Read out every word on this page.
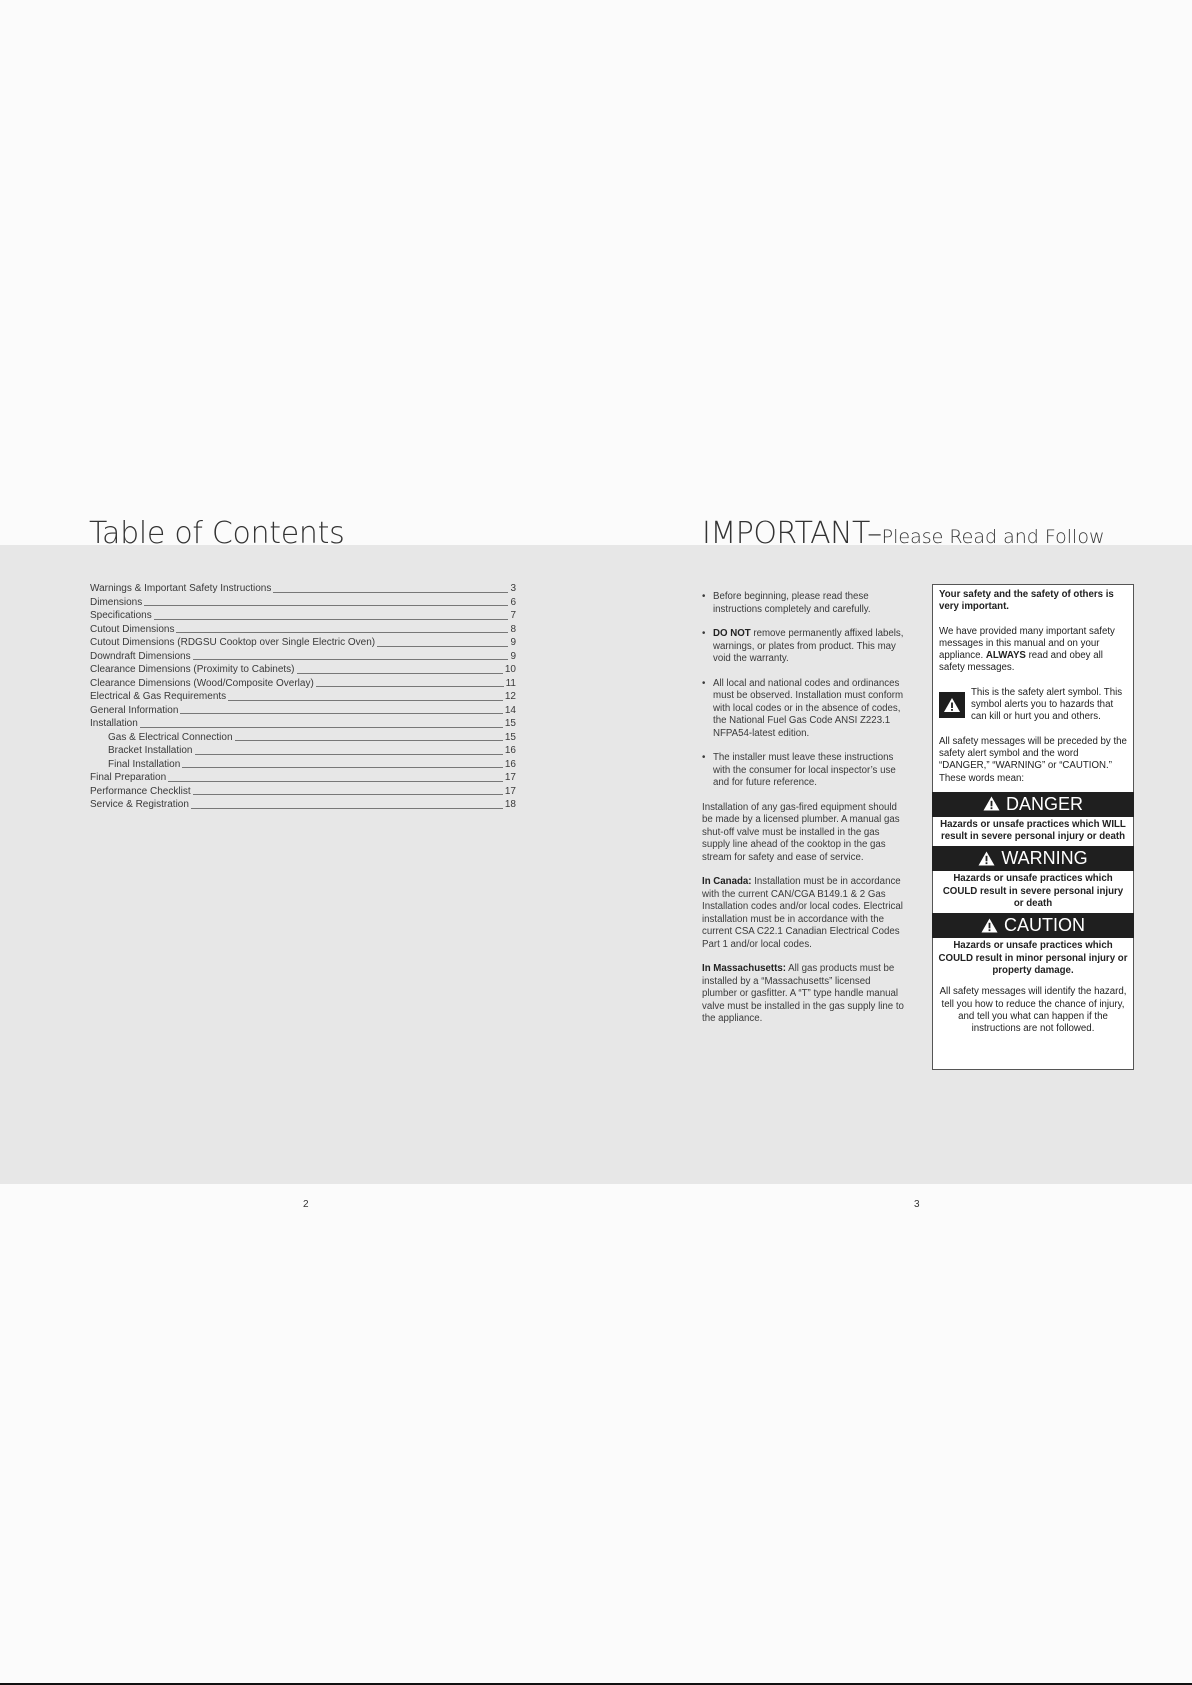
Table of Contents
Warnings & Important Safety Instructions	3
Dimensions	6
Specifications	7
Cutout Dimensions	8
Cutout Dimensions (RDGSU Cooktop over Single Electric Oven)	9
Downdraft Dimensions	9
Clearance Dimensions (Proximity to Cabinets)	10
Clearance Dimensions (Wood/Composite Overlay)	11
Electrical & Gas Requirements	12
General Information	14
Installation	15
Gas & Electrical Connection	15
Bracket Installation	16
Final Installation	16
Final Preparation	17
Performance Checklist	17
Service & Registration	18
2
IMPORTANT–Please Read and Follow
• Before beginning, please read these instructions completely and carefully.
• DO NOT remove permanently affixed labels, warnings, or plates from product. This may void the warranty.
• All local and national codes and ordinances must be observed. Installation must conform with local codes or in the absence of codes, the National Fuel Gas Code ANSI Z223.1 NFPA54-latest edition.
• The installer must leave these instructions with the consumer for local inspector’s use and for future reference.
Installation of any gas-fired equipment should be made by a licensed plumber. A manual gas shut-off valve must be installed in the gas supply line ahead of the cooktop in the gas stream for safety and ease of service.
In Canada: Installation must be in accordance with the current CAN/CGA B149.1 & 2 Gas Installation codes and/or local codes. Electrical installation must be in accordance with the current CSA C22.1 Canadian Electrical Codes Part 1 and/or local codes.
In Massachusetts: All gas products must be installed by a “Massachusetts” licensed plumber or gasfitter. A “T” type handle manual valve must be installed in the gas supply line to the appliance.
Your safety and the safety of others is very important.
We have provided many important safety messages in this manual and on your appliance. ALWAYS read and obey all safety messages.
This is the safety alert symbol. This symbol alerts you to hazards that can kill or hurt you and others.
All safety messages will be preceded by the safety alert symbol and the word “DANGER,” “WARNING” or “CAUTION.” These words mean:
DANGER
Hazards or unsafe practices which WILL result in severe personal injury or death
WARNING
Hazards or unsafe practices which COULD result in severe personal injury or death
CAUTION
Hazards or unsafe practices which COULD result in minor personal injury or property damage.
All safety messages will identify the hazard, tell you how to reduce the chance of injury, and tell you what can happen if the instructions are not followed.
3
